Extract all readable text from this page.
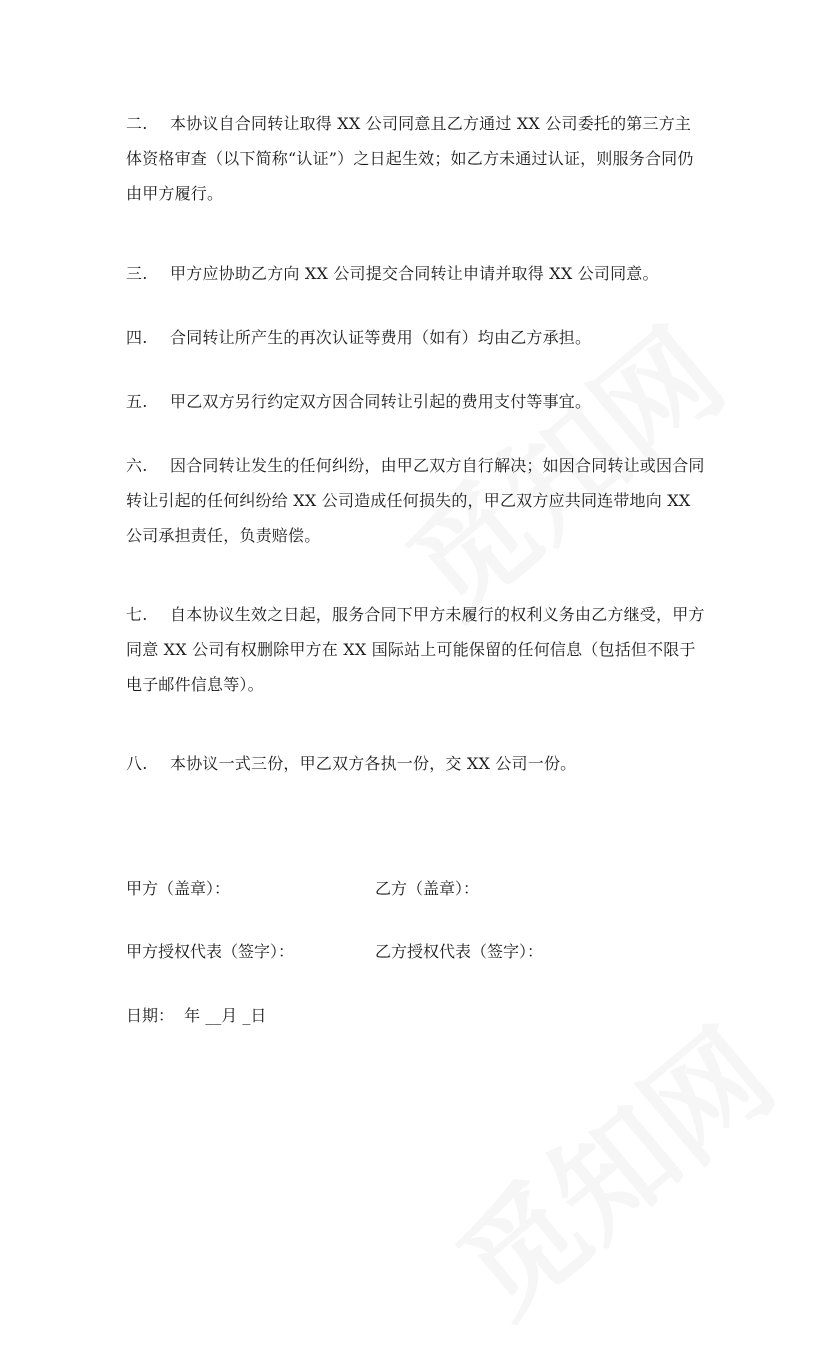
二. 本协议自合同转让取得 XX 公司同意且乙方通过 XX 公司委托的第三方主体资格审查（以下简称“认证”）之日起生效；如乙方未通过认证，则服务合同仍由甲方履行。
三. 甲方应协助乙方向 XX 公司提交合同转让申请并取得 XX 公司同意。
四. 合同转让所产生的再次认证等费用（如有）均由乙方承担。
五. 甲乙双方另行约定双方因合同转让引起的费用支付等事宜。
六. 因合同转让发生的任何纠纷，由甲乙双方自行解决；如因合同转让或因合同转让引起的任何纠纷给 XX 公司造成任何损失的，甲乙双方应共同连带地向 XX 公司承担责任，负责赔偿。
七. 自本协议生效之日起，服务合同下甲方未履行的权利义务由乙方继受，甲方同意 XX 公司有权删除甲方在 XX 国际站上可能保留的任何信息（包括但不限于电子邮件信息等）。
八. 本协议一式三份，甲乙双方各执一份，交 XX 公司一份。
甲方（盖章）：	乙方（盖章）：
甲方授权代表（签字）：	乙方授权代表（签字）：
日期：  年 __月 _日
